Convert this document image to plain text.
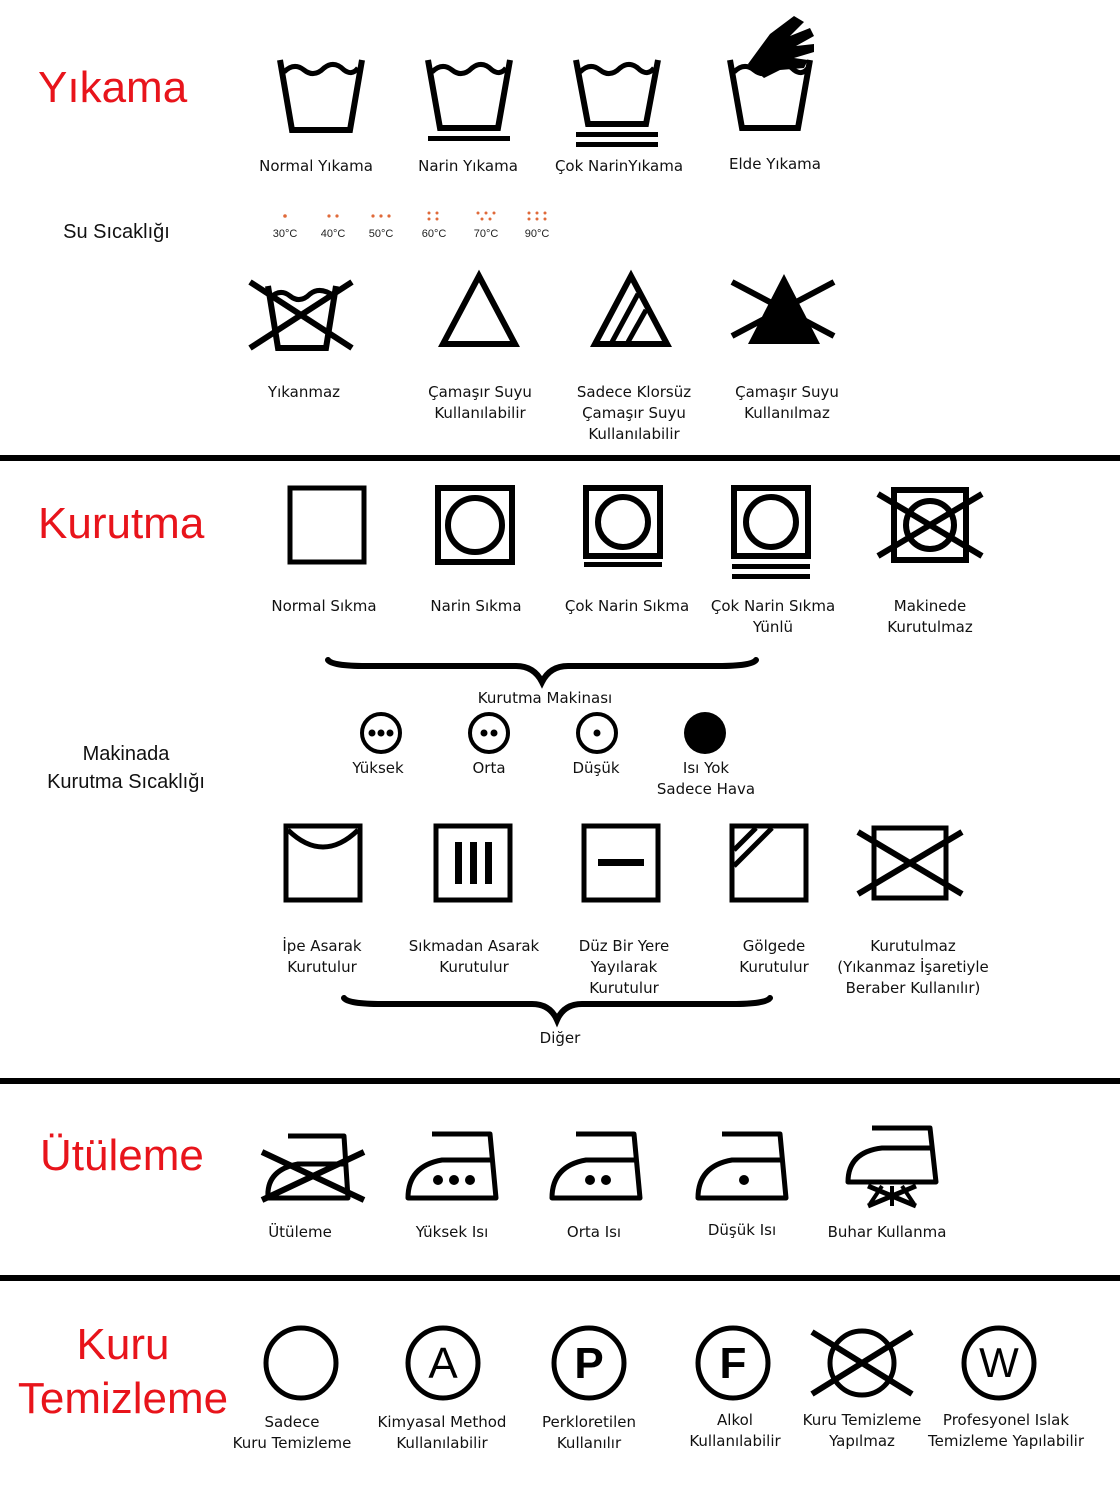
Yıkama
Normal Yıkama	Narin Yıkama Çok NarinYıkama	Elde Yıkama
Su Sıcaklığı	30°C 40°C 50°C	60°C 70°C 90°C
Yıkanmaz	Çamaşır Suyu
Kullanılabilir
Sadece Klorsüz
Çamaşır Suyu
Kullanılabilir
Çamaşır Suyu
Kullanılmaz
Kurutma
Normal Sıkma	Narin Sıkma	Çok Narin Sıkma Çok Narin Sıkma
Yünlü
Makinede
Kurutulmaz
Kurutma Makinası
Makinada
Kurutma Sıcaklığı
Yüksek	Orta	Düşük	Isı Yok
Sadece Hava
İpe Asarak
Kurutulur
Sıkmadan Asarak
Kurutulur
Düz Bir Yere
Yayılarak
Kurutulur
Gölgede
Kurutulur
Kurutulmaz
(Yıkanmaz İşaretiyle
Beraber Kullanılır)
Diğer
Ütüleme
Ütüleme	Yüksek Isı	Orta Isı	Düşük Isı	Buhar Kullanma
Kuru
Temizleme
A	P	F	W
Sadece
Kuru Temizleme
Kimyasal Method
Kullanılabilir
Perkloretilen
Kullanılır
Alkol
Kullanılabilir
Kuru Temizleme
Yapılmaz
Profesyonel Islak
Temizleme Yapılabilir
